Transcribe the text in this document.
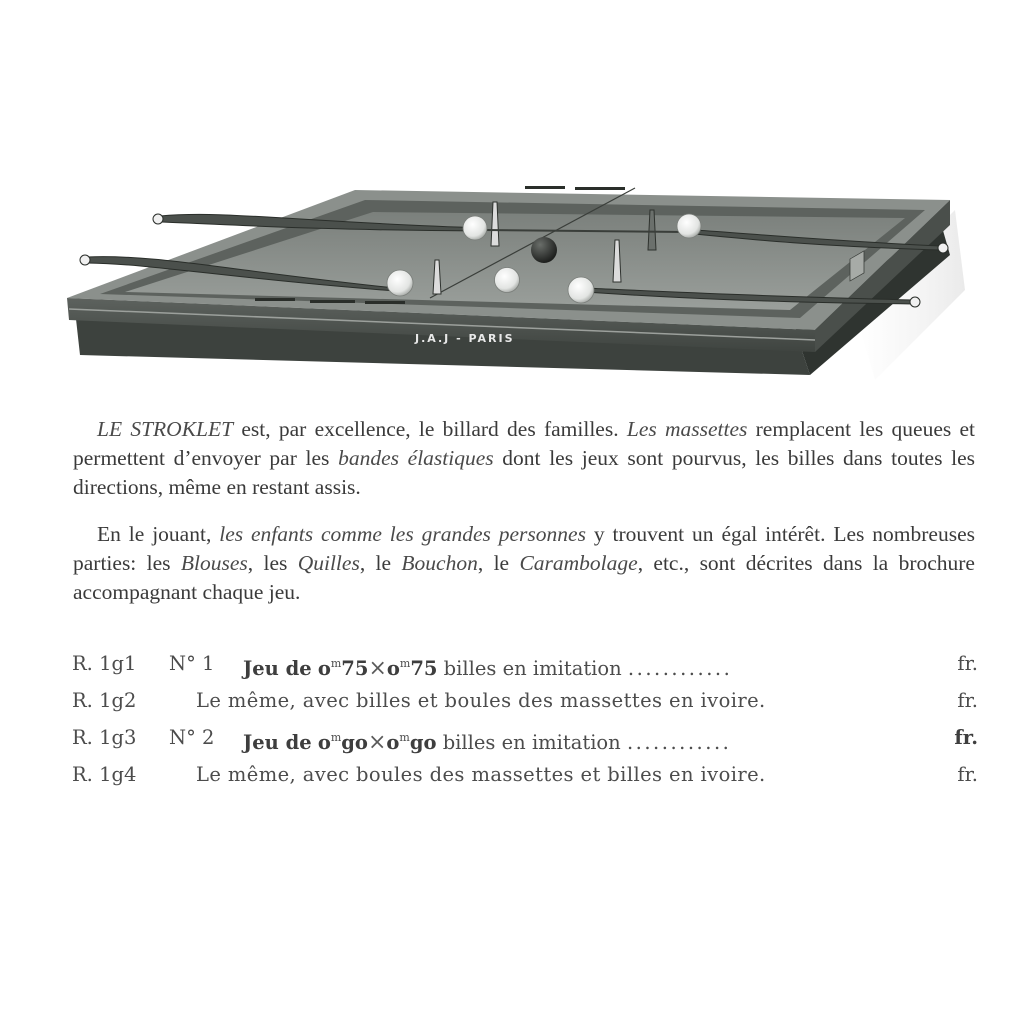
J.A.J - PARIS

LE STROKLET est, par excellence, le billard des familles. Les massettes remplacent les queues et permettent d’envoyer par les bandes élastiques dont les jeux sont pourvus, les billes dans toutes les directions, même en restant assis.

En le jouant, les enfants comme les grandes personnes y trouvent un égal intérêt. Les nombreuses parties: les Blouses, les Quilles, le Bouchon, le Carambolage, etc., sont décrites dans la brochure accompagnant chaque jeu.

R. 1g1 N° 1 Jeu de $o^m75\times o^m75$ billes en imitation ............	fr.
R. 1g2	Le même, avec billes et boules des massettes en ivoire.	fr.
R. 1g3 N° 2 Jeu de $o^mgo\times o^mgo$ billes en imitation ............	fr.
R. 1g4	Le même, avec boules des massettes et billes en ivoire.	fr.
